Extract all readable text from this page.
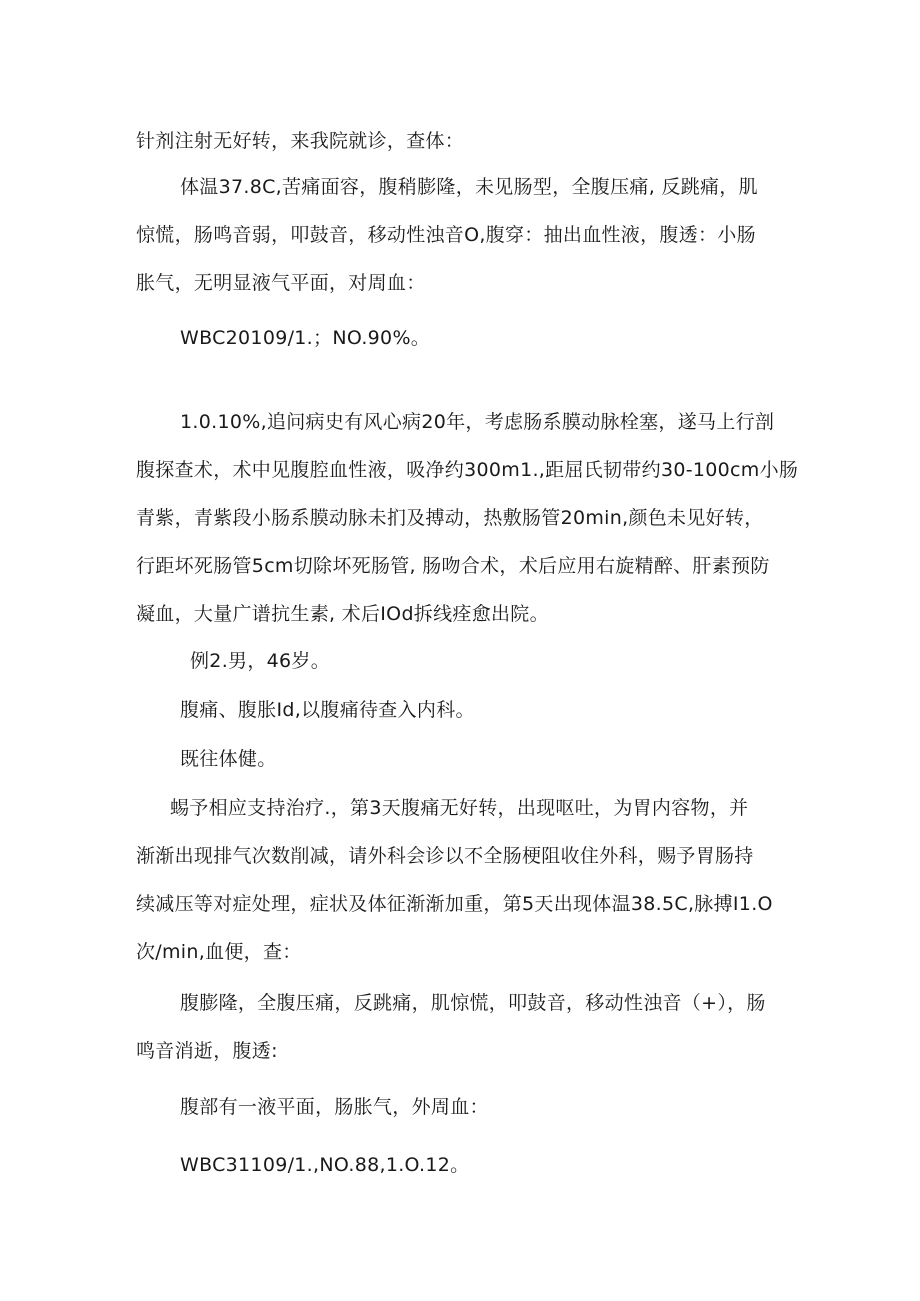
针剂注射无好转，来我院就诊，查体：

体温37.8C,苦痛面容，腹稍膨隆，未见肠型，全腹压痛, 反跳痛，肌
惊慌，肠鸣音弱，叩鼓音，移动性浊音O,腹穿：抽出血性液，腹透：小肠
胀气，无明显液气平面，对周血：

WBC20109/1.；NO.90%。

1.0.10%,追问病史有风心病20年，考虑肠系膜动脉栓塞，遂马上行剖
腹探查术，术中见腹腔血性液，吸净约300m1.,距屈氏韧带约30-100cm小肠
青紫，青紫段小肠系膜动脉未扪及搏动，热敷肠管20min,颜色未见好转，
行距坏死肠管5cm切除坏死肠管, 肠吻合术，术后应用右旋精醉、肝素预防
凝血，大量广谱抗生素, 术后IOd拆线痊愈出院。

例2.男，46岁。

腹痛、腹胀Id,以腹痛待查入内科。

既往体健。

蜴予相应支持治疗.，第3天腹痛无好转，出现呕吐，为胃内容物，并
渐渐出现排气次数削减，请外科会诊以不全肠梗阻收住外科，赐予胃肠持
续减压等对症处理，症状及体征渐渐加重，第5天出现体温38.5C,脉搏I1.O
次/min,血便，查：

腹膨隆，全腹压痛，反跳痛，肌惊慌，叩鼓音，移动性浊音（+），肠
鸣音消逝，腹透:

腹部有一液平面，肠胀气，外周血：

WBC31109/1.,NO.88,1.O.12。
